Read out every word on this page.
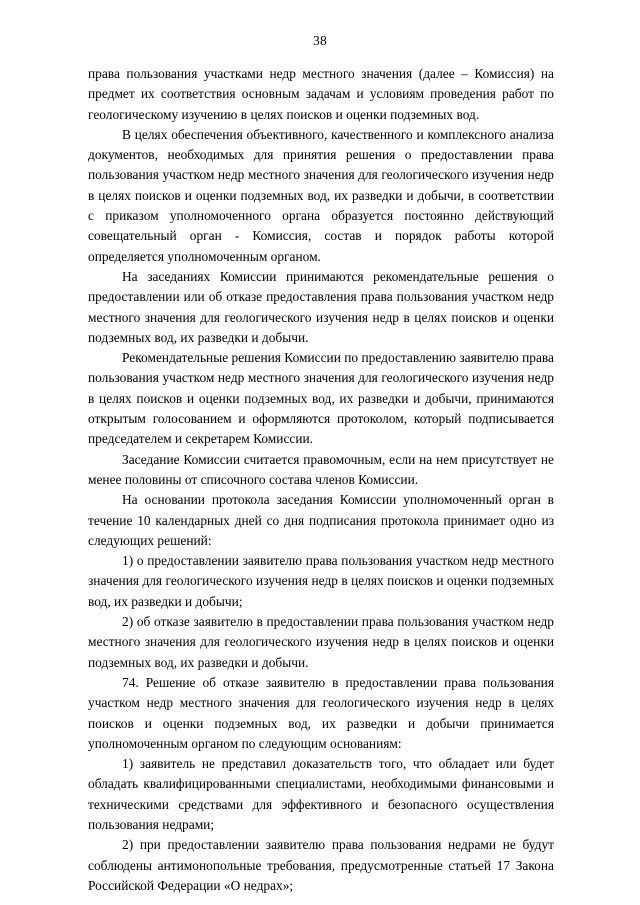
38

права пользования участками недр местного значения (далее – Комиссия) на предмет их соответствия основным задачам и условиям проведения работ по геологическому изучению в целях поисков и оценки подземных вод.

В целях обеспечения объективного, качественного и комплексного анализа документов, необходимых для принятия решения о предоставлении права пользования участком недр местного значения для геологического изучения недр в целях поисков и оценки подземных вод, их разведки и добычи, в соответствии с приказом уполномоченного органа образуется постоянно действующий совещательный орган - Комиссия, состав и порядок работы которой определяется уполномоченным органом.

На заседаниях Комиссии принимаются рекомендательные решения о предоставлении или об отказе предоставления права пользования участком недр местного значения для геологического изучения недр в целях поисков и оценки подземных вод, их разведки и добычи.

Рекомендательные решения Комиссии по предоставлению заявителю права пользования участком недр местного значения для геологического изучения недр в целях поисков и оценки подземных вод, их разведки и добычи, принимаются открытым голосованием и оформляются протоколом, который подписывается председателем и секретарем Комиссии.

Заседание Комиссии считается правомочным, если на нем присутствует не менее половины от списочного состава членов Комиссии.

На основании протокола заседания Комиссии уполномоченный орган в течение 10 календарных дней со дня подписания протокола принимает одно из следующих решений:

1) о предоставлении заявителю права пользования участком недр местного значения для геологического изучения недр в целях поисков и оценки подземных вод, их разведки и добычи;

2) об отказе заявителю в предоставлении права пользования участком недр местного значения для геологического изучения недр в целях поисков и оценки подземных вод, их разведки и добычи.

74. Решение об отказе заявителю в предоставлении права пользования участком недр местного значения для геологического изучения недр в целях поисков и оценки подземных вод, их разведки и добычи принимается уполномоченным органом по следующим основаниям:

1) заявитель не представил доказательств того, что обладает или будет обладать квалифицированными специалистами, необходимыми финансовыми и техническими средствами для эффективного и безопасного осуществления пользования недрами;

2) при предоставлении заявителю права пользования недрами не будут соблюдены антимонопольные требования, предусмотренные статьей 17 Закона Российской Федерации «О недрах»;
